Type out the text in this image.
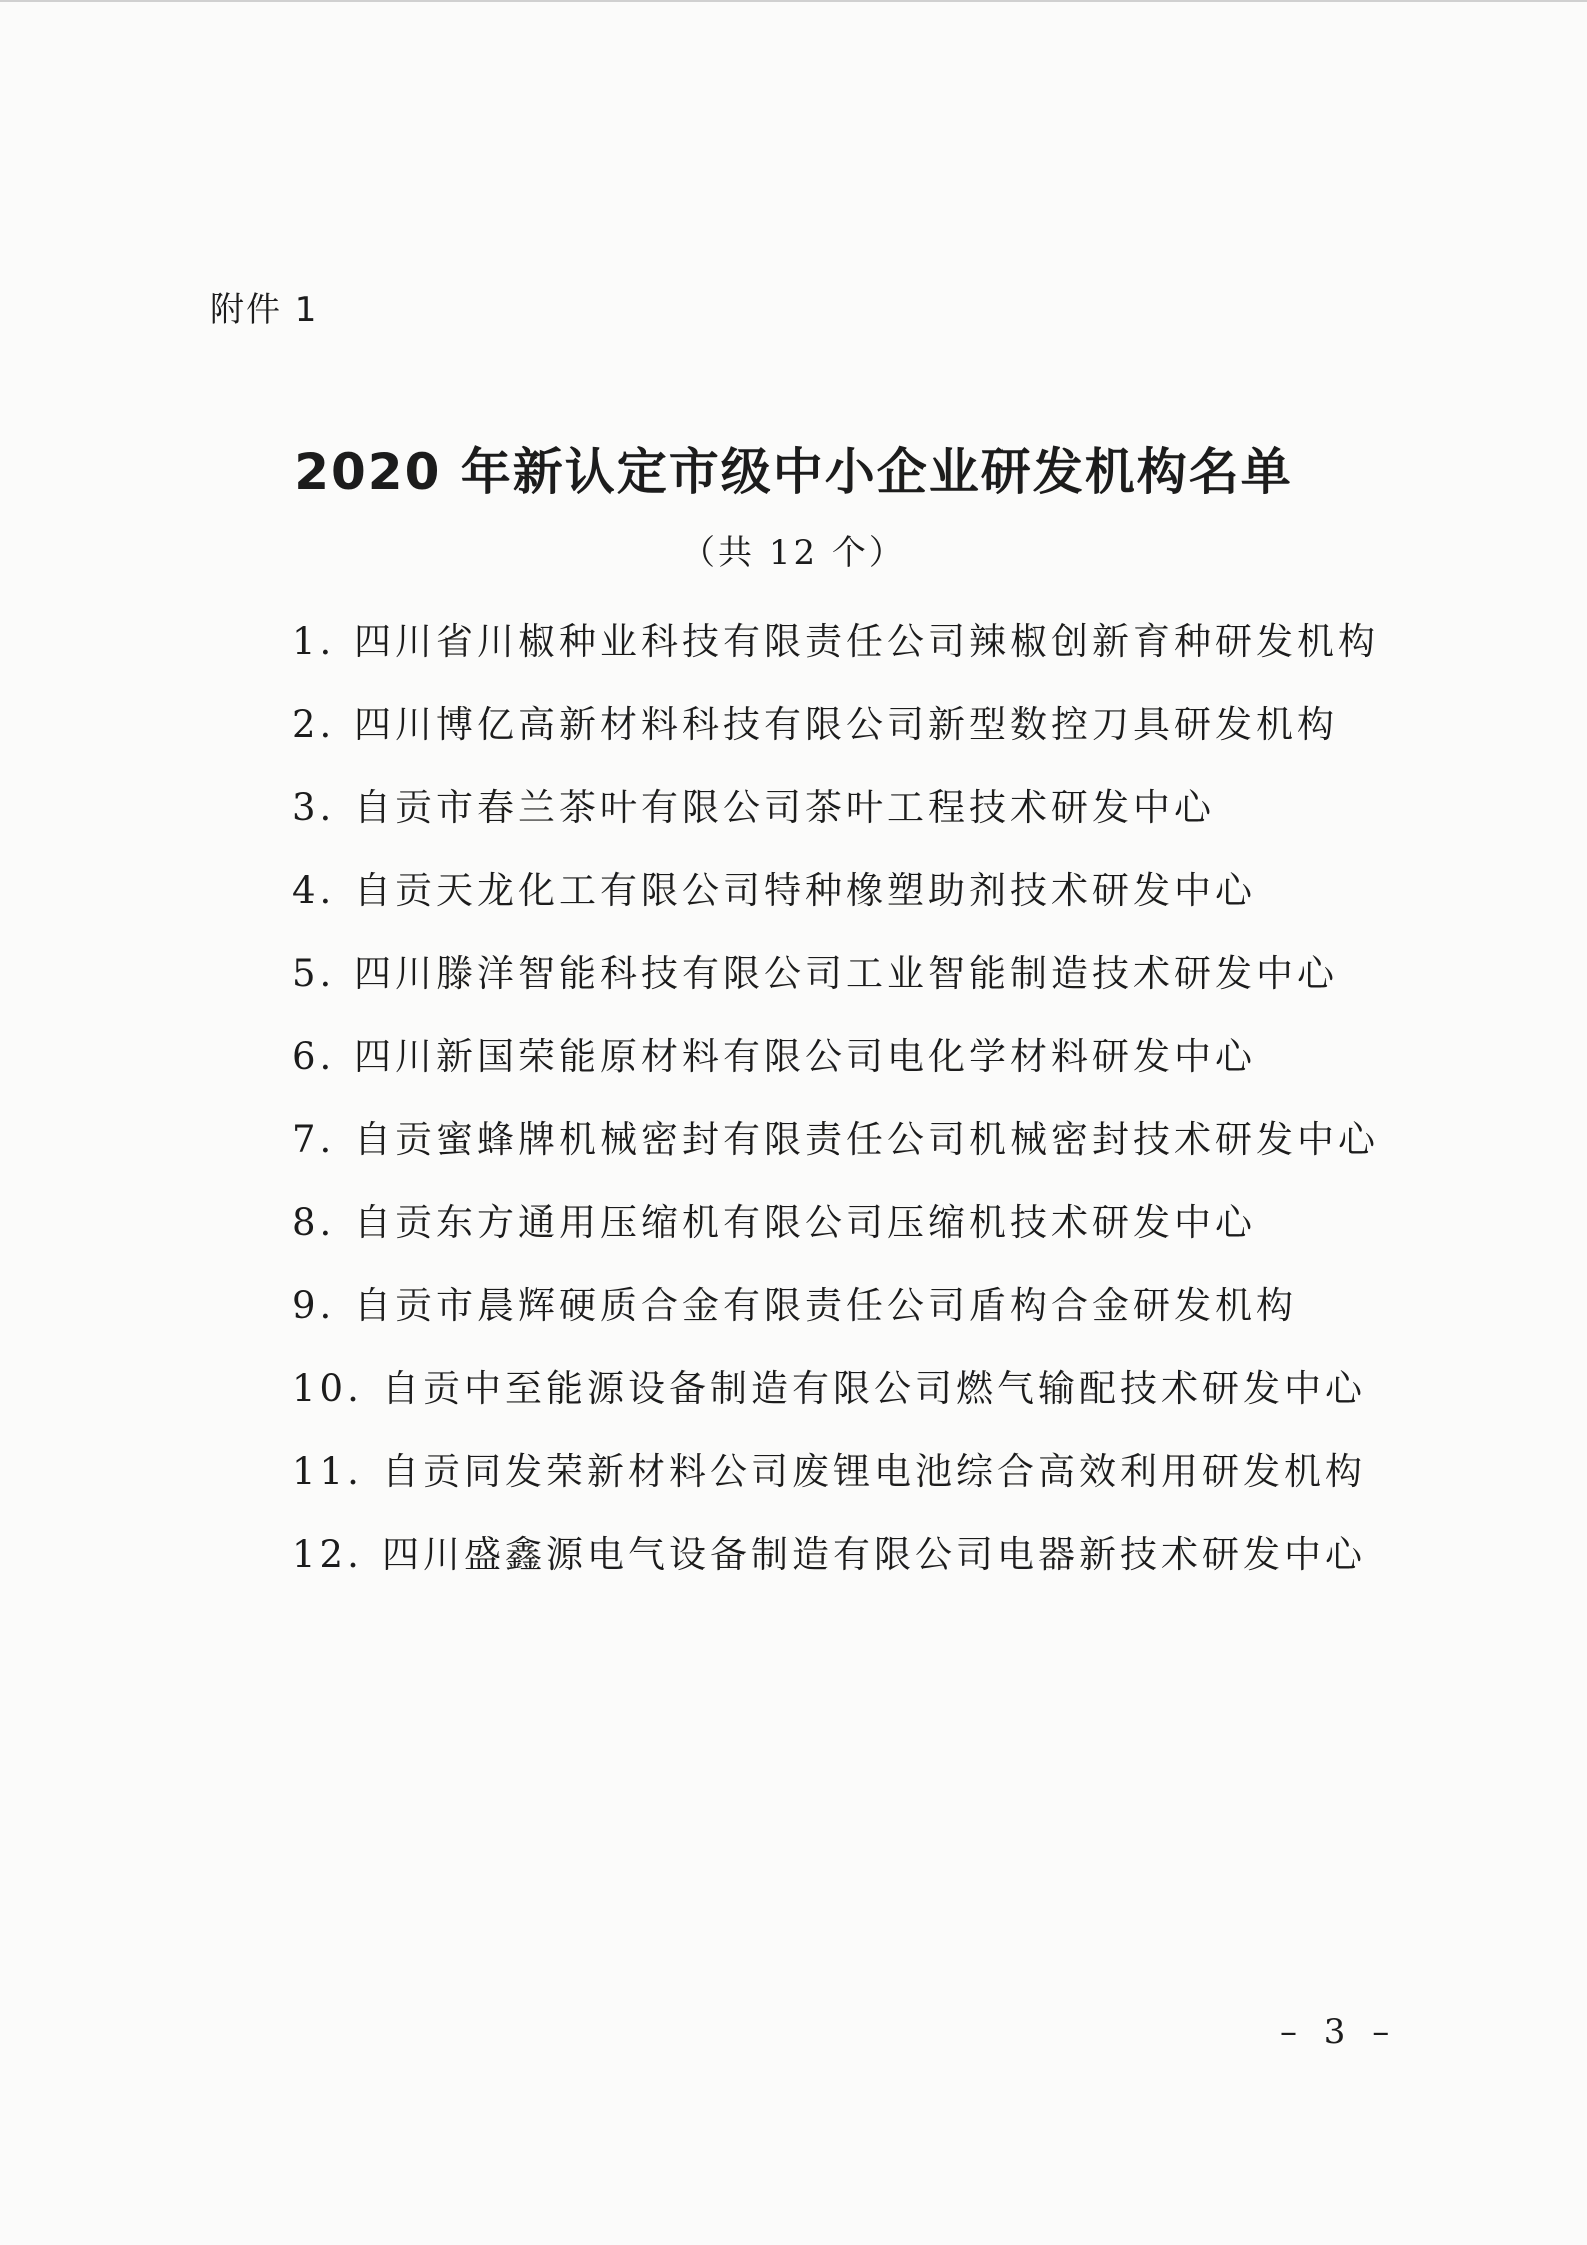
附件 1
2020 年新认定市级中小企业研发机构名单
（共 12 个）
1. 四川省川椒种业科技有限责任公司辣椒创新育种研发机构
2. 四川博亿高新材料科技有限公司新型数控刀具研发机构
3. 自贡市春兰茶叶有限公司茶叶工程技术研发中心
4. 自贡天龙化工有限公司特种橡塑助剂技术研发中心
5. 四川滕洋智能科技有限公司工业智能制造技术研发中心
6. 四川新国荣能原材料有限公司电化学材料研发中心
7. 自贡蜜蜂牌机械密封有限责任公司机械密封技术研发中心
8. 自贡东方通用压缩机有限公司压缩机技术研发中心
9. 自贡市晨辉硬质合金有限责任公司盾构合金研发机构
10. 自贡中至能源设备制造有限公司燃气输配技术研发中心
11. 自贡同发荣新材料公司废锂电池综合高效利用研发机构
12. 四川盛鑫源电气设备制造有限公司电器新技术研发中心
– 3 –
